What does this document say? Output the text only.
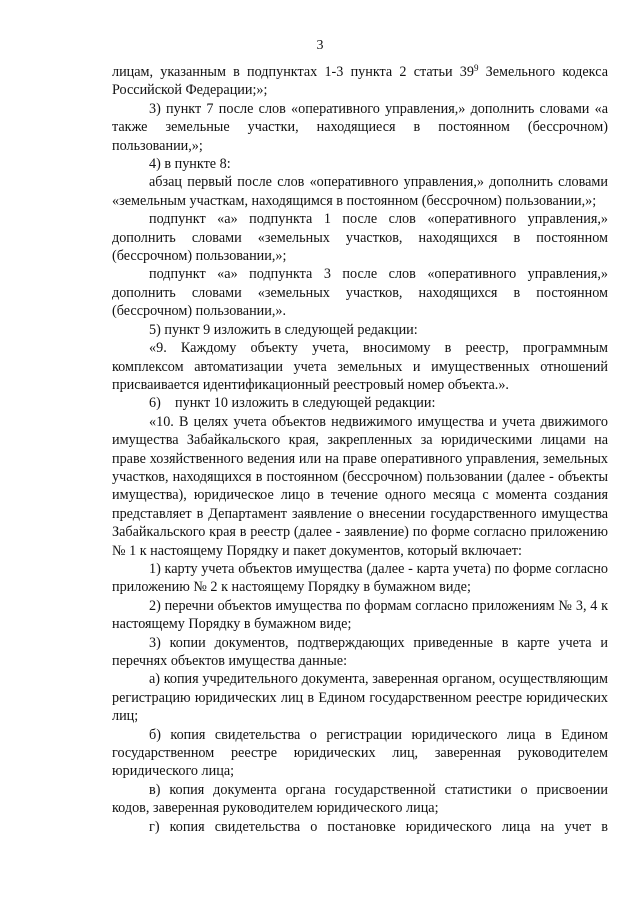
3

лицам, указанным в подпунктах 1-3 пункта 2 статьи $39^9$ Земельного кодекса Российской Федерации;»;

3) пункт 7 после слов «оперативного управления,» дополнить словами «а также земельные участки, находящиеся в постоянном (бессрочном) пользовании,»;

4) в пункте 8:

абзац первый после слов «оперативного управления,» дополнить словами «земельным участкам, находящимся в постоянном (бессрочном) пользовании,»;

подпункт «а» подпункта 1 после слов «оперативного управления,» дополнить словами «земельных участков, находящихся в постоянном (бессрочном) пользовании,»;

подпункт «а» подпункта 3 после слов «оперативного управления,» дополнить словами «земельных участков, находящихся в постоянном (бессрочном) пользовании,».

5) пункт 9 изложить в следующей редакции:

«9. Каждому объекту учета, вносимому в реестр, программным комплексом автоматизации учета земельных и имущественных отношений присваивается идентификационный реестровый номер объекта.».

6)    пункт 10 изложить в следующей редакции:

«10. В целях учета объектов недвижимого имущества и учета движимого имущества Забайкальского края, закрепленных за юридическими лицами на праве хозяйственного ведения или на праве оперативного управления, земельных участков, находящихся в постоянном (бессрочном) пользовании (далее - объекты имущества), юридическое лицо в течение одного месяца с момента создания представляет в Департамент заявление о внесении государственного имущества Забайкальского края в реестр (далее - заявление) по форме согласно приложению № 1 к настоящему Порядку и пакет документов, который включает:

1) карту учета объектов имущества (далее - карта учета) по форме согласно приложению № 2 к настоящему Порядку в бумажном виде;

2) перечни объектов имущества по формам согласно приложениям № 3, 4 к настоящему Порядку в бумажном виде;

3) копии документов, подтверждающих приведенные в карте учета и перечнях объектов имущества данные:

а) копия учредительного документа, заверенная органом, осуществляющим регистрацию юридических лиц в Едином государственном реестре юридических лиц;

б) копия свидетельства о регистрации юридического лица в Едином государственном реестре юридических лиц, заверенная руководителем юридического лица;

в) копия документа органа государственной статистики о присвоении кодов, заверенная руководителем юридического лица;

г) копия свидетельства о постановке юридического лица на учет в
